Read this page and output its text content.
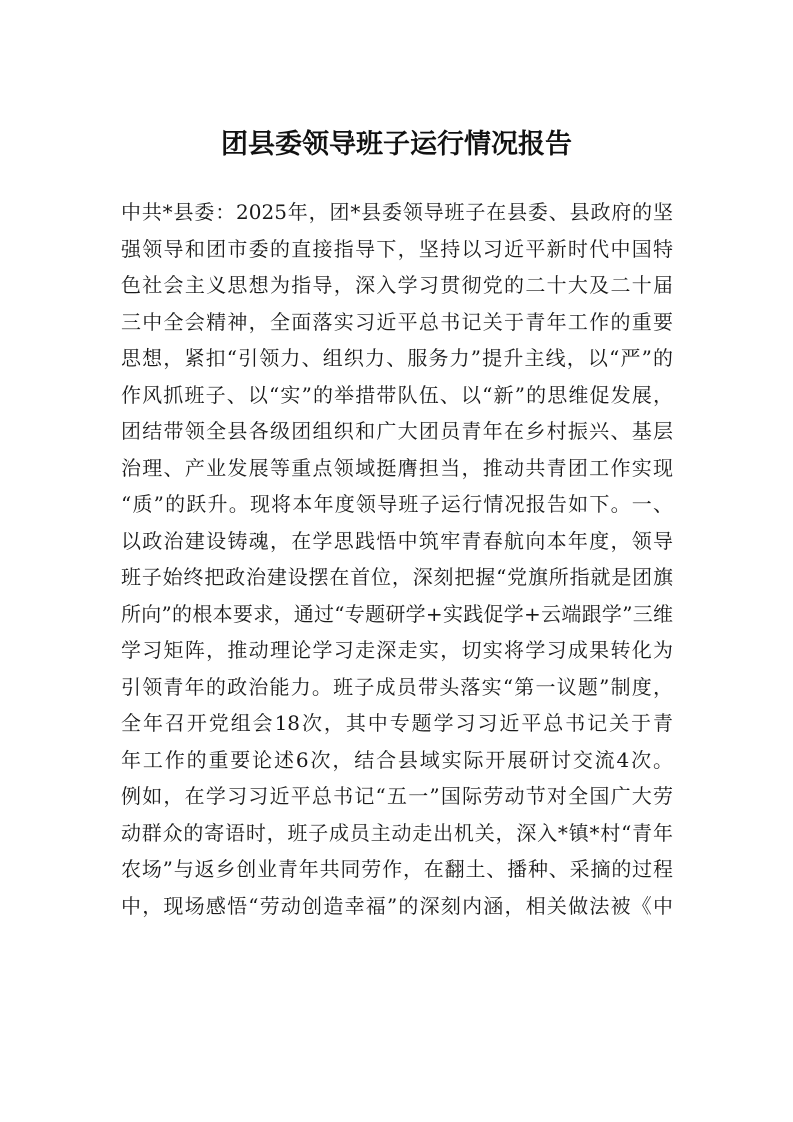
团县委领导班子运行情况报告
中共*县委：2025年，团*县委领导班子在县委、县政府的坚
强领导和团市委的直接指导下，坚持以习近平新时代中国特
色社会主义思想为指导，深入学习贯彻党的二十大及二十届
三中全会精神，全面落实习近平总书记关于青年工作的重要
思想，紧扣“引领力、组织力、服务力”提升主线，以“严”的
作风抓班子、以“实”的举措带队伍、以“新”的思维促发展，
团结带领全县各级团组织和广大团员青年在乡村振兴、基层
治理、产业发展等重点领域挺膺担当，推动共青团工作实现
“质”的跃升。现将本年度领导班子运行情况报告如下。一、
以政治建设铸魂，在学思践悟中筑牢青春航向本年度，领导
班子始终把政治建设摆在首位，深刻把握“党旗所指就是团旗
所向”的根本要求，通过“专题研学+实践促学+云端跟学”三维
学习矩阵，推动理论学习走深走实，切实将学习成果转化为
引领青年的政治能力。班子成员带头落实“第一议题”制度，
全年召开党组会18次，其中专题学习习近平总书记关于青
年工作的重要论述6次，结合县域实际开展研讨交流4次。
例如，在学习习近平总书记“五一”国际劳动节对全国广大劳
动群众的寄语时，班子成员主动走出机关，深入*镇*村“青年
农场”与返乡创业青年共同劳作，在翻土、播种、采摘的过程
中，现场感悟“劳动创造幸福”的深刻内涵，相关做法被《中
